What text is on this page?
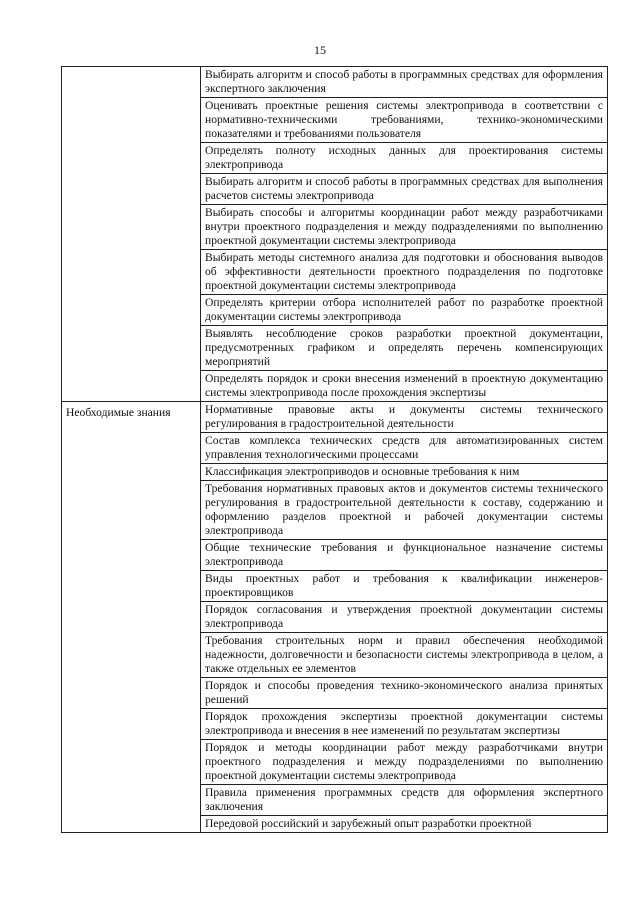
15
	Выбирать алгоритм и способ работы в программных средствах для оформления экспертного заключения
	Оценивать проектные решения системы электропривода в соответствии с нормативно-техническими требованиями, технико-экономическими показателями и требованиями пользователя
	Определять полноту исходных данных для проектирования системы электропривода
	Выбирать алгоритм и способ работы в программных средствах для выполнения расчетов системы электропривода
	Выбирать способы и алгоритмы координации работ между разработчиками внутри проектного подразделения и между подразделениями по выполнению проектной документации системы электропривода
	Выбирать методы системного анализа для подготовки и обоснования выводов об эффективности деятельности проектного подразделения по подготовке проектной документации системы электропривода
	Определять критерии отбора исполнителей работ по разработке проектной документации системы электропривода
	Выявлять несоблюдение сроков разработки проектной документации, предусмотренных графиком и определять перечень компенсирующих мероприятий
	Определять порядок и сроки внесения изменений в проектную документацию системы электропривода после прохождения экспертизы

Необходимые знания	Нормативные правовые акты и документы системы технического регулирования в градостроительной деятельности
	Состав комплекса технических средств для автоматизированных систем управления технологическими процессами
	Классификация электроприводов и основные требования к ним
	Требования нормативных правовых актов и документов системы технического регулирования в градостроительной деятельности к составу, содержанию и оформлению разделов проектной и рабочей документации системы электропривода
	Общие технические требования и функциональное назначение системы электропривода
	Виды проектных работ и требования к квалификации инженеров-проектировщиков
	Порядок согласования и утверждения проектной документации системы электропривода
	Требования строительных норм и правил обеспечения необходимой надежности, долговечности и безопасности системы электропривода в целом, а также отдельных ее элементов
	Порядок и способы проведения технико-экономического анализа принятых решений
	Порядок прохождения экспертизы проектной документации системы электропривода и внесения в нее изменений по результатам экспертизы
	Порядок и методы координации работ между разработчиками внутри проектного подразделения и между подразделениями по выполнению проектной документации системы электропривода
	Правила применения программных средств для оформления экспертного заключения
	Передовой российский и зарубежный опыт разработки проектной
